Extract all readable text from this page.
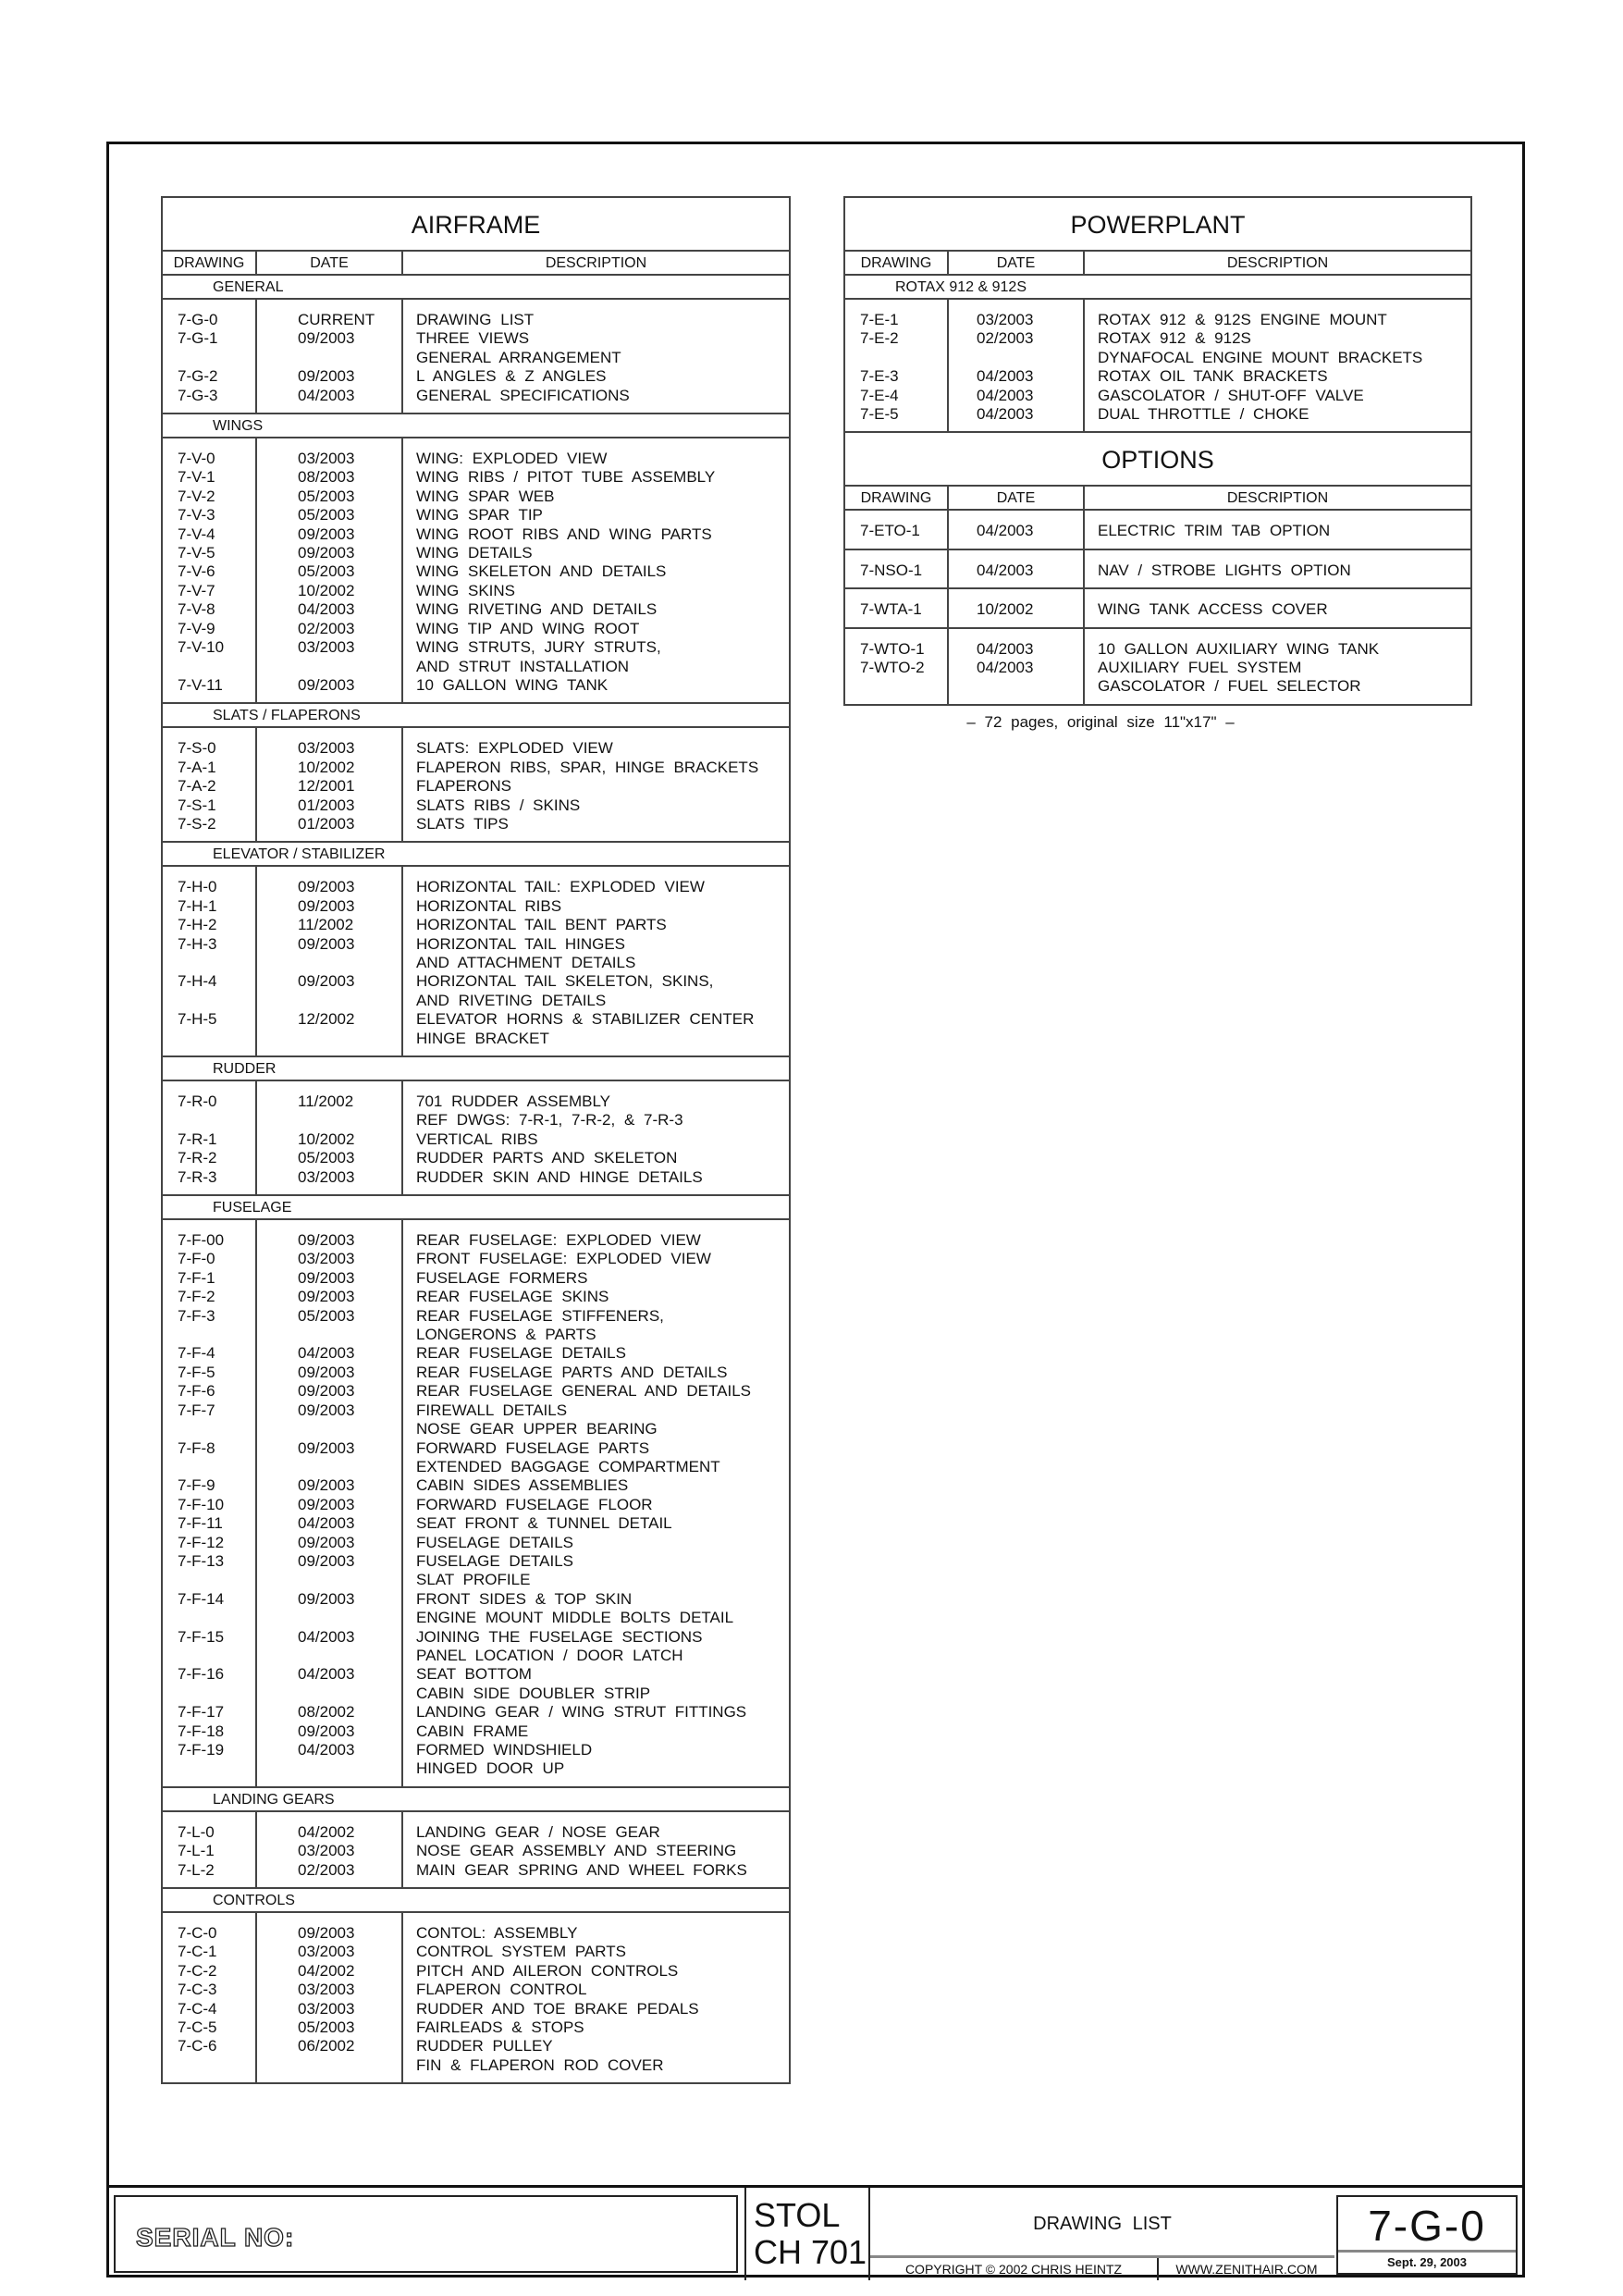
AIRFRAME
DRAWING	DATE	DESCRIPTION
GENERAL
7-G-0	CURRENT	DRAWING LIST
7-G-1	09/2003	THREE VIEWS
GENERAL ARRANGEMENT
7-G-2	09/2003	L ANGLES & Z ANGLES
7-G-3	04/2003	GENERAL SPECIFICATIONS
WINGS
7-V-0	03/2003	WING: EXPLODED VIEW
7-V-1	08/2003	WING RIBS / PITOT TUBE ASSEMBLY
7-V-2	05/2003	WING SPAR WEB
7-V-3	05/2003	WING SPAR TIP
7-V-4	09/2003	WING ROOT RIBS AND WING PARTS
7-V-5	09/2003	WING DETAILS
7-V-6	05/2003	WING SKELETON AND DETAILS
7-V-7	10/2002	WING SKINS
7-V-8	04/2003	WING RIVETING AND DETAILS
7-V-9	02/2003	WING TIP AND WING ROOT
7-V-10	03/2003	WING STRUTS, JURY STRUTS,
AND STRUT INSTALLATION
7-V-11	09/2003	10 GALLON WING TANK
SLATS / FLAPERONS
7-S-0	03/2003	SLATS: EXPLODED VIEW
7-A-1	10/2002	FLAPERON RIBS, SPAR, HINGE BRACKETS
7-A-2	12/2001	FLAPERONS
7-S-1	01/2003	SLATS RIBS / SKINS
7-S-2	01/2003	SLATS TIPS
ELEVATOR / STABILIZER
7-H-0	09/2003	HORIZONTAL TAIL: EXPLODED VIEW
7-H-1	09/2003	HORIZONTAL RIBS
7-H-2	11/2002	HORIZONTAL TAIL BENT PARTS
7-H-3	09/2003	HORIZONTAL TAIL HINGES
AND ATTACHMENT DETAILS
7-H-4	09/2003	HORIZONTAL TAIL SKELETON, SKINS,
AND RIVETING DETAILS
7-H-5	12/2002	ELEVATOR HORNS & STABILIZER CENTER
HINGE BRACKET
RUDDER
7-R-0	11/2002	701 RUDDER ASSEMBLY
REF DWGS: 7-R-1, 7-R-2, & 7-R-3
7-R-1	10/2002	VERTICAL RIBS
7-R-2	05/2003	RUDDER PARTS AND SKELETON
7-R-3	03/2003	RUDDER SKIN AND HINGE DETAILS
FUSELAGE
7-F-00	09/2003	REAR FUSELAGE: EXPLODED VIEW
7-F-0	03/2003	FRONT FUSELAGE: EXPLODED VIEW
7-F-1	09/2003	FUSELAGE FORMERS
7-F-2	09/2003	REAR FUSELAGE SKINS
7-F-3	05/2003	REAR FUSELAGE STIFFENERS,
LONGERONS & PARTS
7-F-4	04/2003	REAR FUSELAGE DETAILS
7-F-5	09/2003	REAR FUSELAGE PARTS AND DETAILS
7-F-6	09/2003	REAR FUSELAGE GENERAL AND DETAILS
7-F-7	09/2003	FIREWALL DETAILS
NOSE GEAR UPPER BEARING
7-F-8	09/2003	FORWARD FUSELAGE PARTS
EXTENDED BAGGAGE COMPARTMENT
7-F-9	09/2003	CABIN SIDES ASSEMBLIES
7-F-10	09/2003	FORWARD FUSELAGE FLOOR
7-F-11	04/2003	SEAT FRONT & TUNNEL DETAIL
7-F-12	09/2003	FUSELAGE DETAILS
7-F-13	09/2003	FUSELAGE DETAILS
SLAT PROFILE
7-F-14	09/2003	FRONT SIDES & TOP SKIN
ENGINE MOUNT MIDDLE BOLTS DETAIL
7-F-15	04/2003	JOINING THE FUSELAGE SECTIONS
PANEL LOCATION / DOOR LATCH
7-F-16	04/2003	SEAT BOTTOM
CABIN SIDE DOUBLER STRIP
7-F-17	08/2002	LANDING GEAR / WING STRUT FITTINGS
7-F-18	09/2003	CABIN FRAME
7-F-19	04/2003	FORMED WINDSHIELD
HINGED DOOR UP
LANDING GEARS
7-L-0	04/2002	LANDING GEAR / NOSE GEAR
7-L-1	03/2003	NOSE GEAR ASSEMBLY AND STEERING
7-L-2	02/2003	MAIN GEAR SPRING AND WHEEL FORKS
CONTROLS
7-C-0	09/2003	CONTOL: ASSEMBLY
7-C-1	03/2003	CONTROL SYSTEM PARTS
7-C-2	04/2002	PITCH AND AILERON CONTROLS
7-C-3	03/2003	FLAPERON CONTROL
7-C-4	03/2003	RUDDER AND TOE BRAKE PEDALS
7-C-5	05/2003	FAIRLEADS & STOPS
7-C-6	06/2002	RUDDER PULLEY
FIN & FLAPERON ROD COVER
POWERPLANT
DRAWING	DATE	DESCRIPTION
ROTAX 912 & 912S
7-E-1	03/2003	ROTAX 912 & 912S ENGINE MOUNT
7-E-2	02/2003	ROTAX 912 & 912S
DYNAFOCAL ENGINE MOUNT BRACKETS
7-E-3	04/2003	ROTAX OIL TANK BRACKETS
7-E-4	04/2003	GASCOLATOR / SHUT-OFF VALVE
7-E-5	04/2003	DUAL THROTTLE / CHOKE
OPTIONS
DRAWING	DATE	DESCRIPTION
7-ETO-1	04/2003	ELECTRIC TRIM TAB OPTION
7-NSO-1	04/2003	NAV / STROBE LIGHTS OPTION
7-WTA-1	10/2002	WING TANK ACCESS COVER
7-WTO-1	04/2003	10 GALLON AUXILIARY WING TANK
7-WTO-2	04/2003	AUXILIARY FUEL SYSTEM
GASCOLATOR / FUEL SELECTOR
– 72 pages, original size 11"x17" –
SERIAL NO:
STOL
CH 701
DRAWING LIST
COPYRIGHT © 2002 CHRIS HEINTZ	WWW.ZENITHAIR.COM
7-G-0
Sept. 29, 2003
